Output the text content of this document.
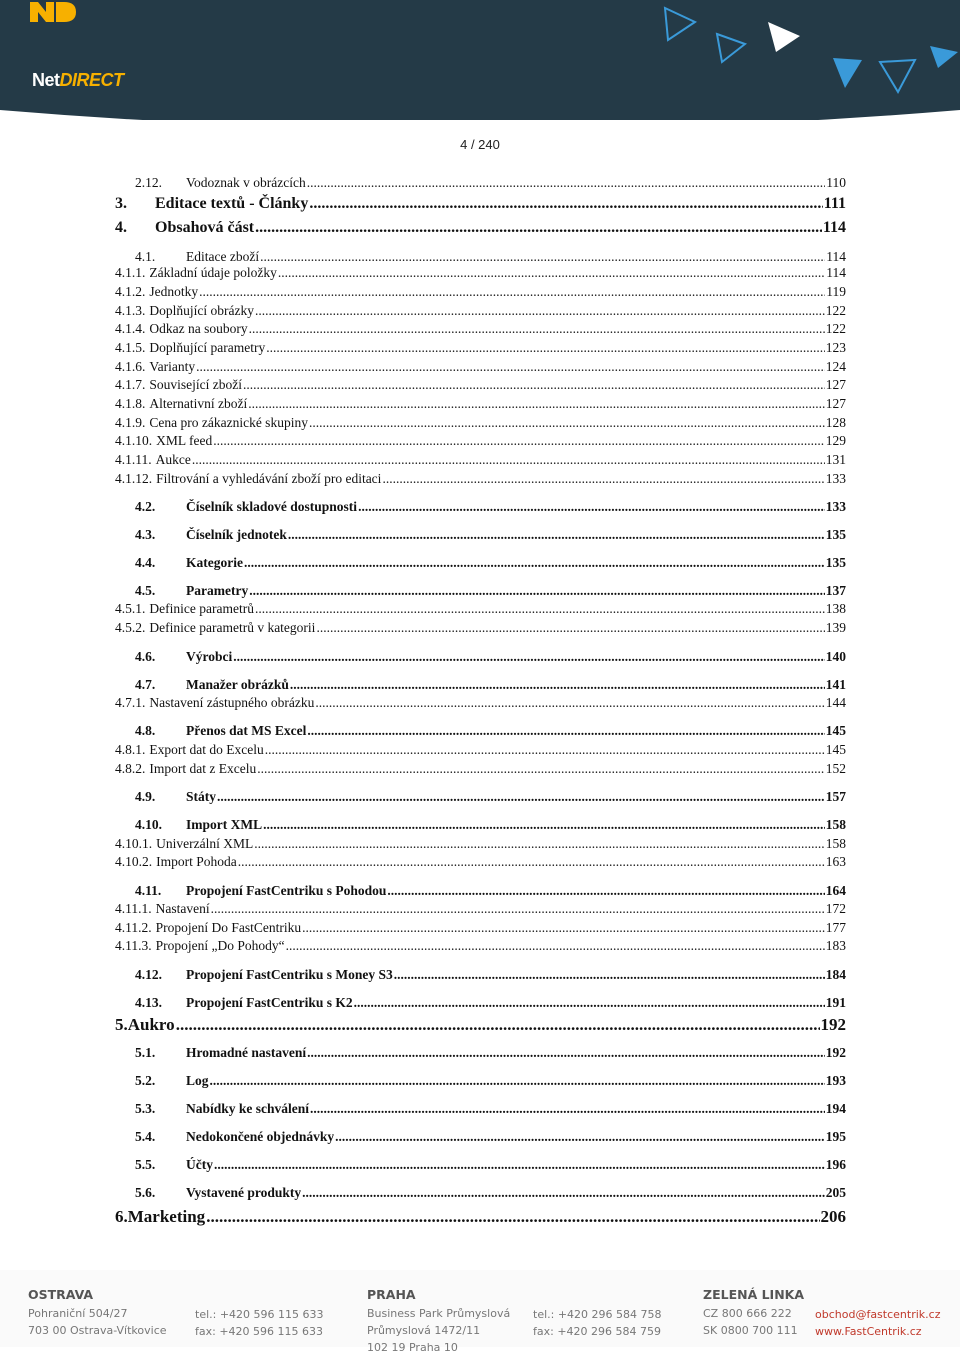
NetDIRECT
4 / 240
2.12.	Vodoznak v obrázcích .....	110
3.	Editace textů - Články .....	111
4.	Obsahová část .....	114
4.1.	Editace zboží .....	114
4.1.1. Základní údaje položky .....	114
4.1.2. Jednotky .....	119
4.1.3. Doplňující obrázky .....	122
4.1.4. Odkaz na soubory .....	122
4.1.5. Doplňující parametry .....	123
4.1.6. Varianty .....	124
4.1.7. Související zboží .....	127
4.1.8. Alternativní zboží .....	127
4.1.9. Cena pro zákaznické skupiny .....	128
4.1.10. XML feed .....	129
4.1.11. Aukce .....	131
4.1.12. Filtrování a vyhledávání zboží pro editaci .....	133
4.2.	Číselník skladové dostupnosti .....	133
4.3.	Číselník jednotek .....	135
4.4.	Kategorie .....	135
4.5.	Parametry .....	137
4.5.1. Definice parametrů .....	138
4.5.2. Definice parametrů v kategorii .....	139
4.6.	Výrobci .....	140
4.7.	Manažer obrázků .....	141
4.7.1. Nastavení zástupného obrázku .....	144
4.8.	Přenos dat MS Excel .....	145
4.8.1. Export dat do Excelu .....	145
4.8.2. Import dat z Excelu .....	152
4.9.	Státy .....	157
4.10.	Import XML .....	158
4.10.1. Univerzální XML .....	158
4.10.2. Import Pohoda .....	163
4.11.	Propojení FastCentriku s Pohodou .....	164
4.11.1. Nastavení .....	172
4.11.2. Propojení Do FastCentriku .....	177
4.11.3. Propojení „Do Pohody“ .....	183
4.12.	Propojení FastCentriku s Money S3 .....	184
4.13.	Propojení FastCentriku s K2 .....	191
5. Aukro .....	192
5.1.	Hromadné nastavení .....	192
5.2.	Log .....	193
5.3.	Nabídky ke schválení .....	194
5.4.	Nedokončené objednávky .....	195
5.5.	Účty .....	196
5.6.	Vystavené produkty .....	205
6. Marketing .....	206
OSTRAVA
Pohraniční 504/27
703 00 Ostrava-Vítkovice
tel.: +420 596 115 633
fax: +420 596 115 633
PRAHA
Business Park Průmyslová
Průmyslová 1472/11
102 19 Praha 10
tel.: +420 296 584 758
fax: +420 296 584 759
ZELENÁ LINKA
CZ 800 666 222
SK 0800 700 111
obchod@fastcentrik.cz
www.FastCentrik.cz
